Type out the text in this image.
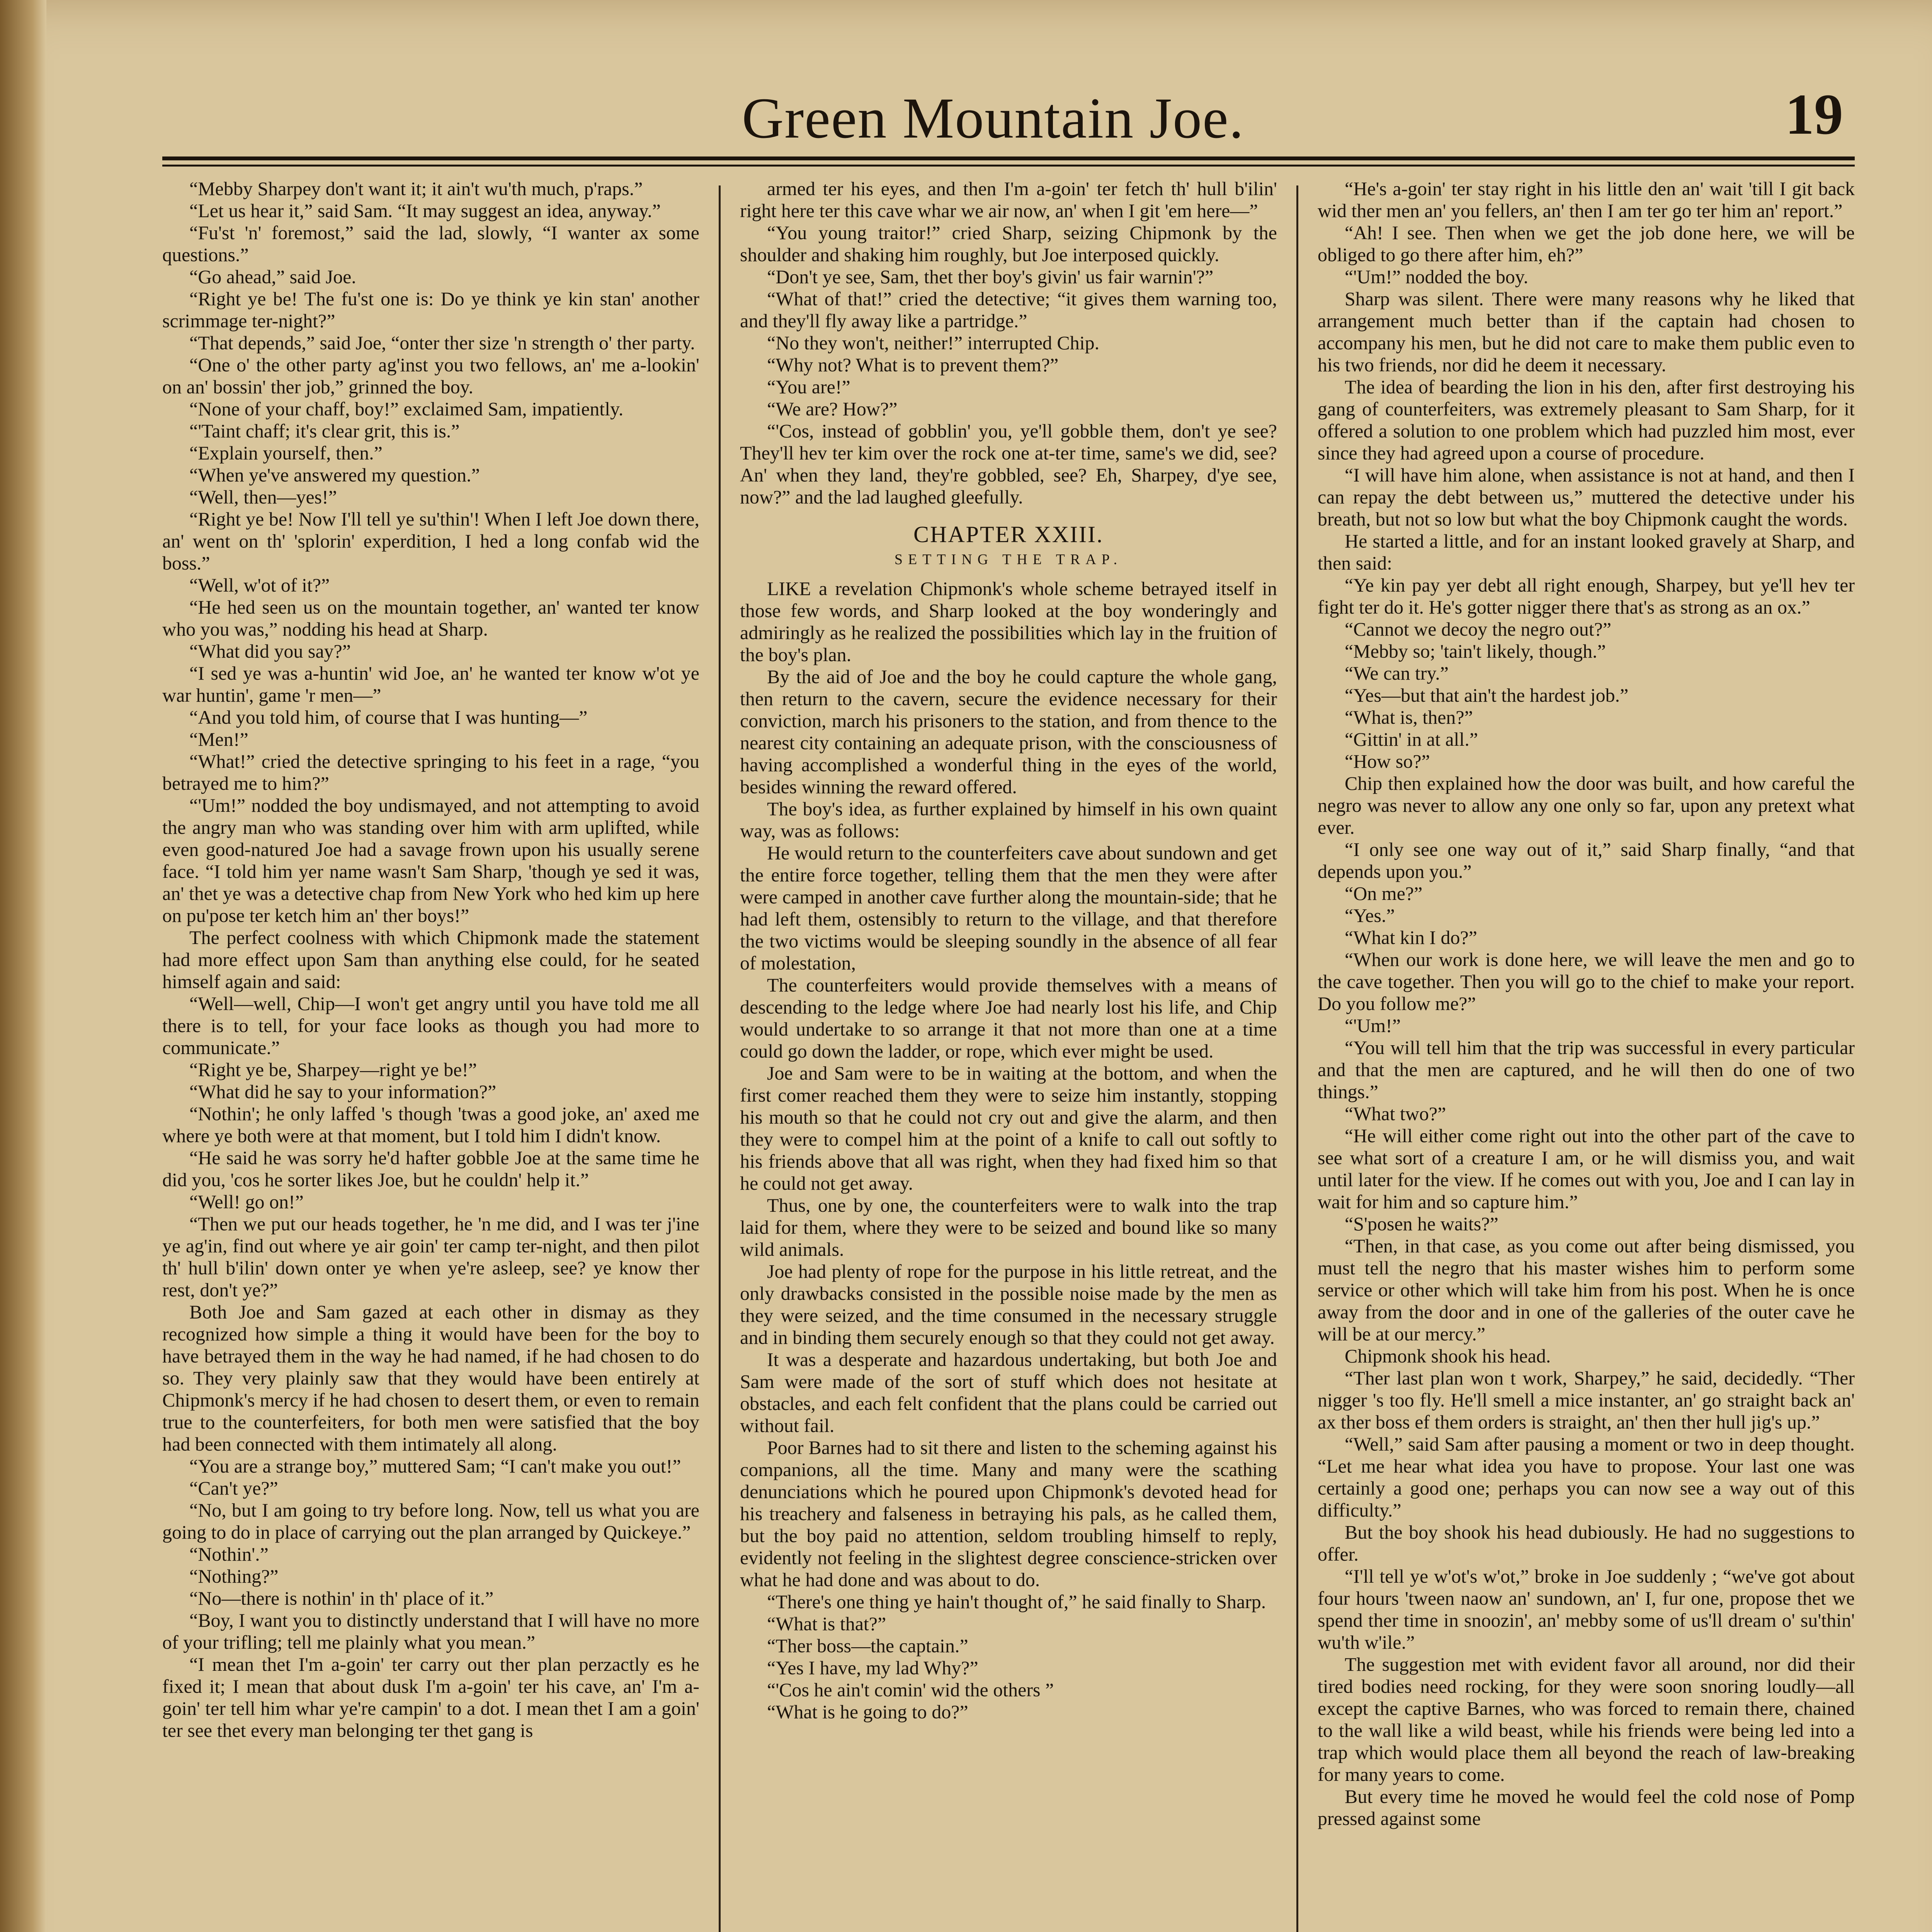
Green Mountain Joe.	19

“Mebby Sharpey don't want it; it ain't wu'th much, p'raps.”

“Let us hear it,” said Sam. “It may suggest an idea, anyway.”

“Fu'st 'n' foremost,” said the lad, slowly, “I wanter ax some questions.”

“Go ahead,” said Joe.

“Right ye be! The fu'st one is: Do ye think ye kin stan' another scrimmage ter-night?”

“That depends,” said Joe, “onter ther size 'n strength o' ther party.

“One o' the other party ag'inst you two fellows, an' me a-lookin' on an' bossin' ther job,” grinned the boy.

“None of your chaff, boy!” exclaimed Sam, impatiently.

“'Taint chaff; it's clear grit, this is.”

“Explain yourself, then.”

“When ye've answered my question.”

“Well, then—yes!”

“Right ye be! Now I'll tell ye su'thin'! When I left Joe down there, an' went on th' 'splorin' experdition, I hed a long confab wid the boss.”

“Well, w'ot of it?”

“He hed seen us on the mountain together, an' wanted ter know who you was,” nodding his head at Sharp.

“What did you say?”

“I sed ye was a-huntin' wid Joe, an' he wanted ter know w'ot ye war huntin', game 'r men—”

“And you told him, of course that I was hunting—”

“Men!”

“What!” cried the detective springing to his feet in a rage, “you betrayed me to him?”

“'Um!” nodded the boy undismayed, and not attempting to avoid the angry man who was standing over him with arm uplifted, while even good-natured Joe had a savage frown upon his usually serene face. “I told him yer name wasn't Sam Sharp, 'though ye sed it was, an' thet ye was a detective chap from New York who hed kim up here on pu'pose ter ketch him an' ther boys!”

The perfect coolness with which Chipmonk made the statement had more effect upon Sam than anything else could, for he seated himself again and said:

“Well—well, Chip—I won't get angry until you have told me all there is to tell, for your face looks as though you had more to communicate.”

“Right ye be, Sharpey—right ye be!”

“What did he say to your information?”

“Nothin'; he only laffed 's though 'twas a good joke, an' axed me where ye both were at that moment, but I told him I didn't know.

“He said he was sorry he'd hafter gobble Joe at the same time he did you, 'cos he sorter likes Joe, but he couldn' help it.”

“Well! go on!”

“Then we put our heads together, he 'n me did, and I was ter j'ine ye ag'in, find out where ye air goin' ter camp ter-night, and then pilot th' hull b'ilin' down onter ye when ye're asleep, see? ye know ther rest, don't ye?”

Both Joe and Sam gazed at each other in dismay as they recognized how simple a thing it would have been for the boy to have betrayed them in the way he had named, if he had chosen to do so. They very plainly saw that they would have been entirely at Chipmonk's mercy if he had chosen to desert them, or even to remain true to the counterfeiters, for both men were satisfied that the boy had been connected with them intimately all along.

“You are a strange boy,” muttered Sam; “I can't make you out!”

“Can't ye?”

“No, but I am going to try before long. Now, tell us what you are going to do in place of carrying out the plan arranged by Quickeye.”

“Nothin'.”

“Nothing?”

“No—there is nothin' in th' place of it.”

“Boy, I want you to distinctly understand that I will have no more of your trifling; tell me plainly what you mean.”

“I mean thet I'm a-goin' ter carry out ther plan perzactly es he fixed it; I mean that about dusk I'm a-goin' ter his cave, an' I'm a-goin' ter tell him whar ye're campin' to a dot. I mean thet I am a goin' ter see thet every man belonging ter thet gang is

armed ter his eyes, and then I'm a-goin' ter fetch th' hull b'ilin' right here ter this cave whar we air now, an' when I git 'em here—”

“You young traitor!” cried Sharp, seizing Chipmonk by the shoulder and shaking him roughly, but Joe interposed quickly.

“Don't ye see, Sam, thet ther boy's givin' us fair warnin'?”

“What of that!” cried the detective; “it gives them warning too, and they'll fly away like a partridge.”

“No they won't, neither!” interrupted Chip.

“Why not? What is to prevent them?”

“You are!”

“We are? How?”

“'Cos, instead of gobblin' you, ye'll gobble them, don't ye see? They'll hev ter kim over the rock one at-ter time, same's we did, see? An' when they land, they're gobbled, see? Eh, Sharpey, d'ye see, now?” and the lad laughed gleefully.

CHAPTER XXIII.
SETTING THE TRAP.

LIKE a revelation Chipmonk's whole scheme betrayed itself in those few words, and Sharp looked at the boy wonderingly and admiringly as he realized the possibilities which lay in the fruition of the boy's plan.

By the aid of Joe and the boy he could capture the whole gang, then return to the cavern, secure the evidence necessary for their conviction, march his prisoners to the station, and from thence to the nearest city containing an adequate prison, with the consciousness of having accomplished a wonderful thing in the eyes of the world, besides winning the reward offered.

The boy's idea, as further explained by himself in his own quaint way, was as follows:

He would return to the counterfeiters cave about sundown and get the entire force together, telling them that the men they were after were camped in another cave further along the mountain-side; that he had left them, ostensibly to return to the village, and that therefore the two victims would be sleeping soundly in the absence of all fear of molestation,

The counterfeiters would provide themselves with a means of descending to the ledge where Joe had nearly lost his life, and Chip would undertake to so arrange it that not more than one at a time could go down the ladder, or rope, which ever might be used.

Joe and Sam were to be in waiting at the bottom, and when the first comer reached them they were to seize him instantly, stopping his mouth so that he could not cry out and give the alarm, and then they were to compel him at the point of a knife to call out softly to his friends above that all was right, when they had fixed him so that he could not get away.

Thus, one by one, the counterfeiters were to walk into the trap laid for them, where they were to be seized and bound like so many wild animals.

Joe had plenty of rope for the purpose in his little retreat, and the only drawbacks consisted in the possible noise made by the men as they were seized, and the time consumed in the necessary struggle and in binding them securely enough so that they could not get away.

It was a desperate and hazardous undertaking, but both Joe and Sam were made of the sort of stuff which does not hesitate at obstacles, and each felt confident that the plans could be carried out without fail.

Poor Barnes had to sit there and listen to the scheming against his companions, all the time. Many and many were the scathing denunciations which he poured upon Chipmonk's devoted head for his treachery and falseness in betraying his pals, as he called them, but the boy paid no attention, seldom troubling himself to reply, evidently not feeling in the slightest degree conscience-stricken over what he had done and was about to do.

“There's one thing ye hain't thought of,” he said finally to Sharp.

“What is that?”

“Ther boss—the captain.”

“Yes I have, my lad Why?”

“'Cos he ain't comin' wid the others ”

“What is he going to do?”

“He's a-goin' ter stay right in his little den an' wait 'till I git back wid ther men an' you fellers, an' then I am ter go ter him an' report.”

“Ah! I see. Then when we get the job done here, we will be obliged to go there after him, eh?”

“'Um!” nodded the boy.

Sharp was silent. There were many reasons why he liked that arrangement much better than if the captain had chosen to accompany his men, but he did not care to make them public even to his two friends, nor did he deem it necessary.

The idea of bearding the lion in his den, after first destroying his gang of counterfeiters, was extremely pleasant to Sam Sharp, for it offered a solution to one problem which had puzzled him most, ever since they had agreed upon a course of procedure.

“I will have him alone, when assistance is not at hand, and then I can repay the debt between us,” muttered the detective under his breath, but not so low but what the boy Chipmonk caught the words.

He started a little, and for an instant looked gravely at Sharp, and then said:

“Ye kin pay yer debt all right enough, Sharpey, but ye'll hev ter fight ter do it. He's gotter nigger there that's as strong as an ox.”

“Cannot we decoy the negro out?”

“Mebby so; 'tain't likely, though.”

“We can try.”

“Yes—but that ain't the hardest job.”

“What is, then?”

“Gittin' in at all.”

“How so?”

Chip then explained how the door was built, and how careful the negro was never to allow any one only so far, upon any pretext what ever.

“I only see one way out of it,” said Sharp finally, “and that depends upon you.”

“On me?”

“Yes.”

“What kin I do?”

“When our work is done here, we will leave the men and go to the cave together. Then you will go to the chief to make your report. Do you follow me?”

“'Um!”

“You will tell him that the trip was successful in every particular and that the men are captured, and he will then do one of two things.”

“What two?”

“He will either come right out into the other part of the cave to see what sort of a creature I am, or he will dismiss you, and wait until later for the view. If he comes out with you, Joe and I can lay in wait for him and so capture him.”

“S'posen he waits?”

“Then, in that case, as you come out after being dismissed, you must tell the negro that his master wishes him to perform some service or other which will take him from his post. When he is once away from the door and in one of the galleries of the outer cave he will be at our mercy.”

Chipmonk shook his head.

“Ther last plan won t work, Sharpey,” he said, decidedly. “Ther nigger 's too fly. He'll smell a mice instanter, an' go straight back an' ax ther boss ef them orders is straight, an' then ther hull jig's up.”

“Well,” said Sam after pausing a moment or two in deep thought. “Let me hear what idea you have to propose. Your last one was certainly a good one; perhaps you can now see a way out of this difficulty.”

But the boy shook his head dubiously. He had no suggestions to offer.

“I'll tell ye w'ot's w'ot,” broke in Joe suddenly ; “we've got about four hours 'tween naow an' sundown, an' I, fur one, propose thet we spend ther time in snoozin', an' mebby some of us'll dream o' su'thin' wu'th w'ile.”

The suggestion met with evident favor all around, nor did their tired bodies need rocking, for they were soon snoring loudly—all except the captive Barnes, who was forced to remain there, chained to the wall like a wild beast, while his friends were being led into a trap which would place them all beyond the reach of law-breaking for many years to come.

But every time he moved he would feel the cold nose of Pomp pressed against some
